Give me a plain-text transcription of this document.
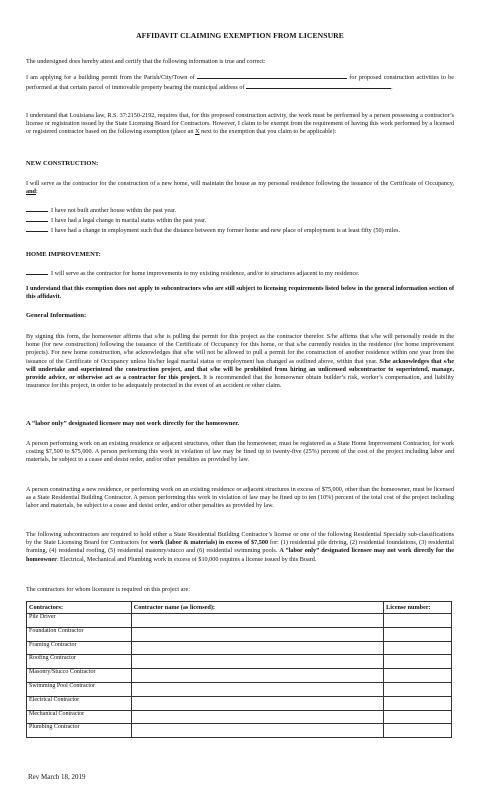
AFFIDAVIT CLAIMING EXEMPTION FROM LICENSURE
The undersigned does hereby attest and certify that the following information is true and correct:
I am applying for a building permit from the Parish/City/Town of	for proposed construction activities to be performed at that certain parcel of immovable property bearing the municipal address of	.
I understand that Louisiana law, R.S. 37:2150-2192, requires that, for this proposed construction activity, the work must be performed by a person possessing a contractor’s license or registration issued by the State Licensing Board for Contractors. However, I claim to be exempt from the requirement of having this work performed by a licensed or registered contractor based on the following exemption (place an X next to the exemption that you claim to be applicable):
NEW CONSTRUCTION:
I will serve as the contractor for the construction of a new home, will maintain the house as my personal residence following the issuance of the Certificate of Occupancy, and:
I have not built another house within the past year.
I have had a legal change in marital status within the past year.
I have had a change in employment such that the distance between my former home and new place of employment is at least fifty (50) miles.
HOME IMPROVEMENT:
I will serve as the contractor for home improvements to my existing residence, and/or to structures adjacent to my residence.
I understand that this exemption does not apply to subcontractors who are still subject to licensing requirements listed below in the general information section of this affidavit.
General Information:
By signing this form, the homeowner affirms that s/he is pulling the permit for this project as the contractor therefor. S/he affirms that s/he will personally reside in the home (for new construction) following the issuance of the Certificate of Occupancy for this home, or that s/he currently resides in the residence (for home improvement projects). For new home construction, s/he acknowledges that s/he will not be allowed to pull a permit for the construction of another residence within one year from the issuance of the Certificate of Occupancy unless his/her legal marital status or employment has changed as outlined above, within that year. S/he acknowledges that s/he will undertake and superintend the construction project, and that s/he will be prohibited from hiring an unlicensed subcontractor to superintend, manage, provide advice, or otherwise act as a contractor for this project. It is recommended that the homeowner obtain builder’s risk, worker’s compensation, and liability insurance for this project, in order to be adequately protected in the event of an accident or other claim.
A “labor only” designated licensee may not work directly for the homeowner.
A person performing work on an existing residence or adjacent structures, other than the homeowner, must be registered as a State Home Improvement Contractor, for work costing $7,500 to $75,000. A person performing this work in violation of law may be fined up to twenty-five (25%) percent of the cost of the project including labor and materials, be subject to a cease and desist order, and/or other penalties as provided by law.
A person constructing a new residence, or performing work on an existing residence or adjacent structures in excess of $75,000, other than the homeowner, must be licensed as a State Residential Building Contractor. A person performing this work in violation of law may be fined up to ten (10%) percent of the total cost of the project including labor and materials, be subject to a cease and desist order, and/or other penalties as provided by law.
The following subcontractors are required to hold either a State Residential Building Contractor’s license or one of the following Residential Specialty sub-classifications by the State Licensing Board for Contractors for work (labor & materials) in excess of $7,500 for: (1) residential pile driving, (2) residential foundations, (3) residential framing, (4) residential roofing, (5) residential masonry/stucco and (6) residential swimming pools. A “labor only” designated licensee may not work directly for the homeowner. Electrical, Mechanical and Plumbing work in excess of $10,000 requires a license issued by this Board.
The contractors for whom licensure is required on this project are:
Contractors:	Contractor name (as licensed):	License number:
Pile Driver		
Foundation Contractor		
Framing Contractor		
Roofing Contractor		
Masonry/Stucco Contractor		
Swimming Pool Contractor		
Electrical Contractor		
Mechanical Contractor		
Plumbing Contractor		
Rev March 18, 2019
